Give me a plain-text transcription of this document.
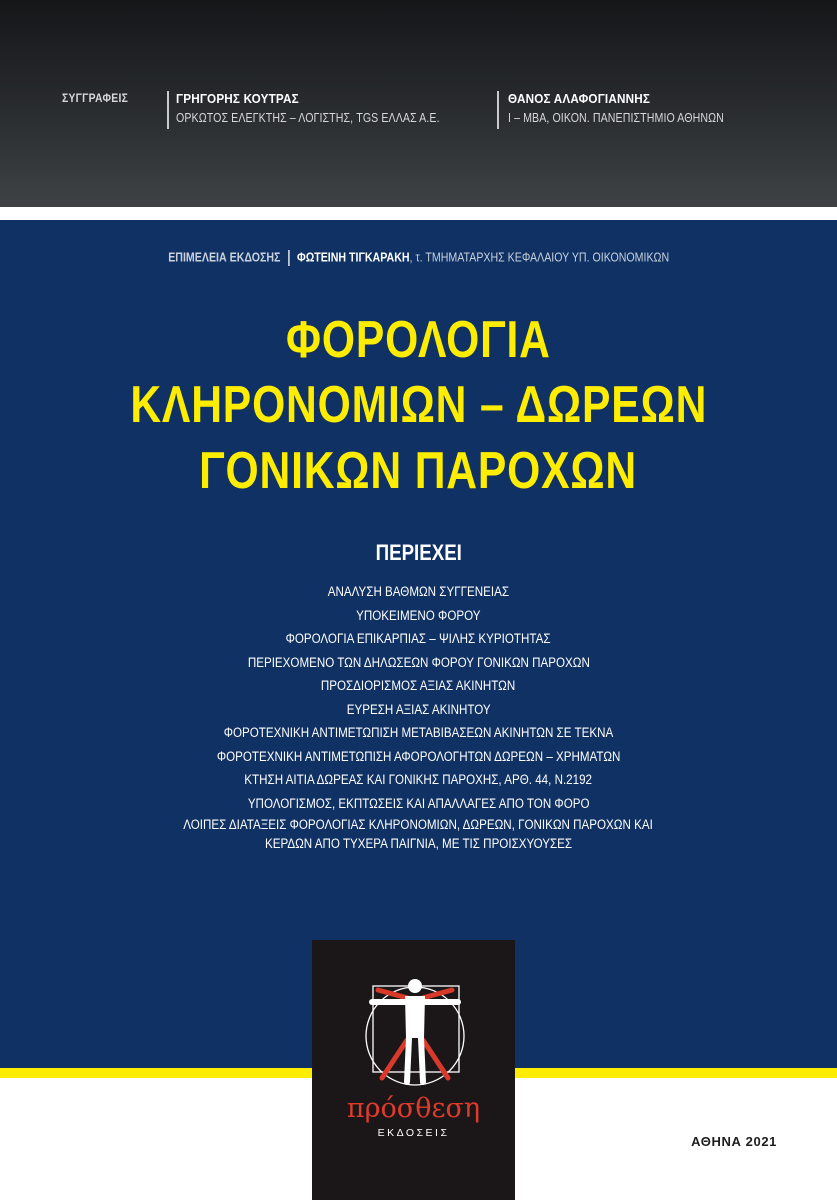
ΣΥΓΓΡΑΦΕΙΣ	ΓΡΗΓΟΡΗΣ ΚΟΥΤΡΑΣ
ΟΡΚΩΤΟΣ ΕΛΕΓΚΤΗΣ – ΛΟΓΙΣΤΗΣ, TGS ΕΛΛΑΣ Α.Ε.
ΘΑΝΟΣ ΑΛΑΦΟΓΙΑΝΝΗΣ
Ι – ΜΒΑ, ΟΙΚΟΝ. ΠΑΝΕΠΙΣΤΗΜΙΟ ΑΘΗΝΩΝ
ΕΠΙΜΕΛΕΙΑ ΕΚΔΟΣΗΣ ΦΩΤΕΙΝΗ ΤΙΓΚΑΡΑΚΗ, τ. ΤΜΗΜΑΤΑΡΧΗΣ ΚΕΦΑΛΑΙΟΥ ΥΠ. ΟΙΚΟΝΟΜΙΚΩΝ
ΦΟΡΟΛΟΓΙΑ
ΚΛΗΡΟΝΟΜΙΩΝ – ΔΩΡΕΩΝ
ΓΟΝΙΚΩΝ ΠΑΡΟΧΩΝ
ΠΕΡΙΕΧΕΙ
ΑΝΑΛΥΣΗ ΒΑΘΜΩΝ ΣΥΓΓΕΝΕΙΑΣ
ΥΠΟΚΕΙΜΕΝΟ ΦΟΡΟΥ
ΦΟΡΟΛΟΓΙΑ ΕΠΙΚΑΡΠΙΑΣ – ΨΙΛΗΣ ΚΥΡΙΟΤΗΤΑΣ
ΠΕΡΙΕΧΟΜΕΝΟ ΤΩΝ ΔΗΛΩΣΕΩΝ ΦΟΡΟΥ ΓΟΝΙΚΩΝ ΠΑΡΟΧΩΝ
ΠΡΟΣΔΙΟΡΙΣΜΟΣ ΑΞΙΑΣ ΑΚΙΝΗΤΩΝ
ΕΥΡΕΣΗ ΑΞΙΑΣ ΑΚΙΝΗΤΟΥ
ΦΟΡΟΤΕΧΝΙΚΗ ΑΝΤΙΜΕΤΩΠΙΣΗ ΜΕΤΑΒΙΒΑΣΕΩΝ ΑΚΙΝΗΤΩΝ ΣΕ ΤΕΚΝΑ
ΦΟΡΟΤΕΧΝΙΚΗ ΑΝΤΙΜΕΤΩΠΙΣΗ ΑΦΟΡΟΛΟΓΗΤΩΝ ΔΩΡΕΩΝ – ΧΡΗΜΑΤΩΝ
ΚΤΗΣΗ ΑΙΤΙΑ ΔΩΡΕΑΣ ΚΑΙ ΓΟΝΙΚΗΣ ΠΑΡΟΧΗΣ, ΑΡΘ. 44, Ν.2192
ΥΠΟΛΟΓΙΣΜΟΣ, ΕΚΠΤΩΣΕΙΣ ΚΑΙ ΑΠΑΛΛΑΓΕΣ ΑΠΟ ΤΟΝ ΦΟΡΟ
ΛΟΙΠΕΣ ΔΙΑΤΑΞΕΙΣ ΦΟΡΟΛΟΓΙΑΣ ΚΛΗΡΟΝΟΜΙΩΝ, ΔΩΡΕΩΝ, ΓΟΝΙΚΩΝ ΠΑΡΟΧΩΝ ΚΑΙ
ΚΕΡΔΩΝ ΑΠΟ ΤΥΧΕΡΑ ΠΑΙΓΝΙΑ, ΜΕ ΤΙΣ ΠΡΟΙΣΧΥΟΥΣΕΣ
πρόσθεση
ΕΚΔΟΣΕΙΣ
ΑΘΗΝΑ 2021
